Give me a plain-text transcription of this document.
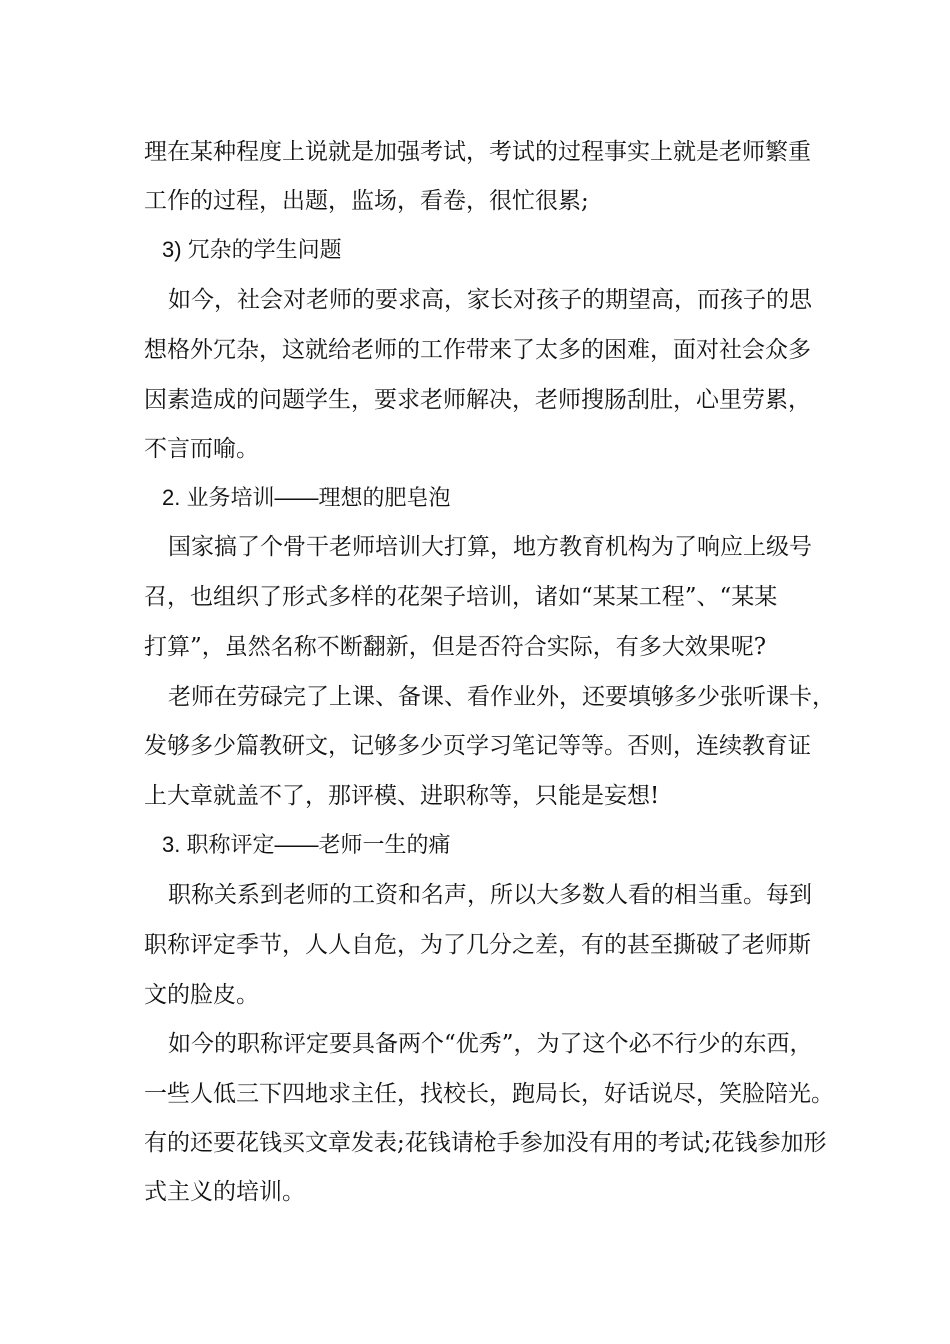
理在某种程度上说就是加强考试，考试的过程事实上就是老师繁重
工作的过程，出题，监场，看卷，很忙很累;
3) 冗杂的学生问题
如今，社会对老师的要求高，家长对孩子的期望高，而孩子的思
想格外冗杂，这就给老师的工作带来了太多的困难，面对社会众多
因素造成的问题学生，要求老师解决，老师搜肠刮肚，心里劳累，
不言而喻。
2. 业务培训——理想的肥皂泡
国家搞了个骨干老师培训大打算，地方教育机构为了响应上级号
召，也组织了形式多样的花架子培训，诸如“某某工程”、“某某
打算”，虽然名称不断翻新，但是否符合实际，有多大效果呢?
老师在劳碌完了上课、备课、看作业外，还要填够多少张听课卡，
发够多少篇教研文，记够多少页学习笔记等等。否则，连续教育证
上大章就盖不了，那评模、进职称等，只能是妄想!
3. 职称评定——老师一生的痛
职称关系到老师的工资和名声，所以大多数人看的相当重。每到
职称评定季节，人人自危，为了几分之差，有的甚至撕破了老师斯
文的脸皮。
如今的职称评定要具备两个“优秀”，为了这个必不行少的东西，
一些人低三下四地求主任，找校长，跑局长，好话说尽，笑脸陪光。
有的还要花钱买文章发表;花钱请枪手参加没有用的考试;花钱参加形
式主义的培训。
